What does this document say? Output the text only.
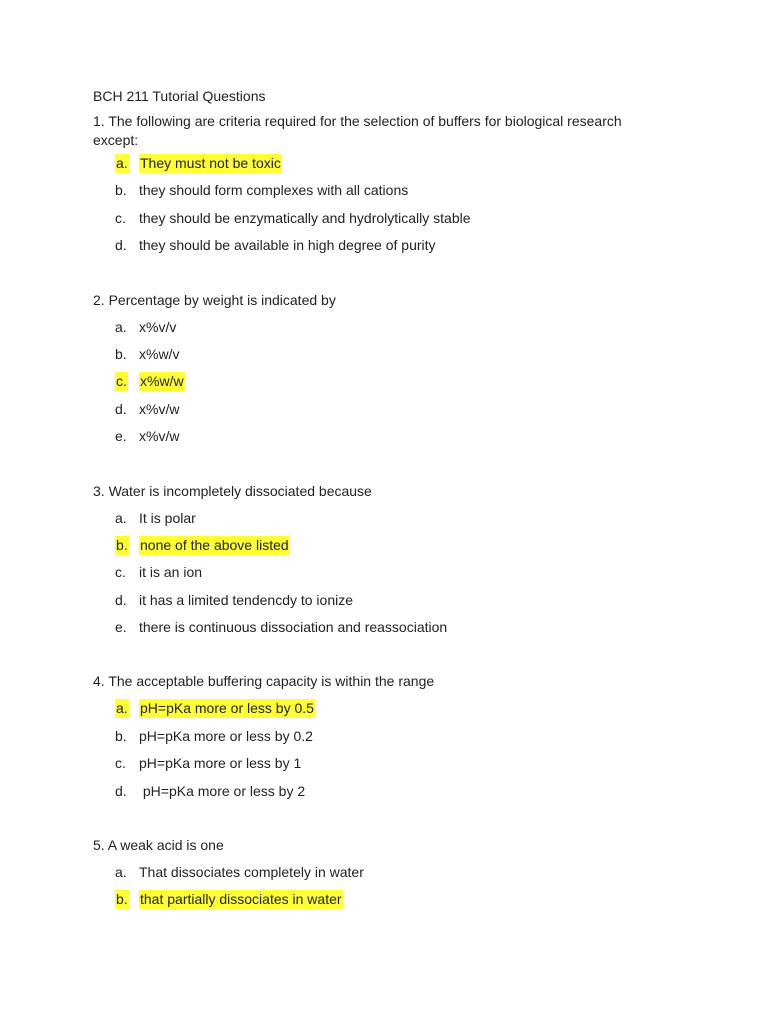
BCH 211 Tutorial Questions
1. The following are criteria required for the selection of buffers for biological research except:
a. They must not be toxic
b. they should form complexes with all cations
c. they should be enzymatically and hydrolytically stable
d. they should be available in high degree of purity
2. Percentage by weight is indicated by
a. x%v/v
b. x%w/v
c. x%w/w
d. x%v/w
e. x%v/w
3. Water is incompletely dissociated because
a. It is polar
b. none of the above listed
c. it is an ion
d. it has a limited tendencdy to ionize
e. there is continuous dissociation and reassociation
4. The acceptable buffering capacity is within the range
a. pH=pKa more or less by 0.5
b. pH=pKa more or less by 0.2
c. pH=pKa more or less by 1
d. pH=pKa more or less by 2
5. A weak acid is one
a. That dissociates completely in water
b. that partially dissociates in water
